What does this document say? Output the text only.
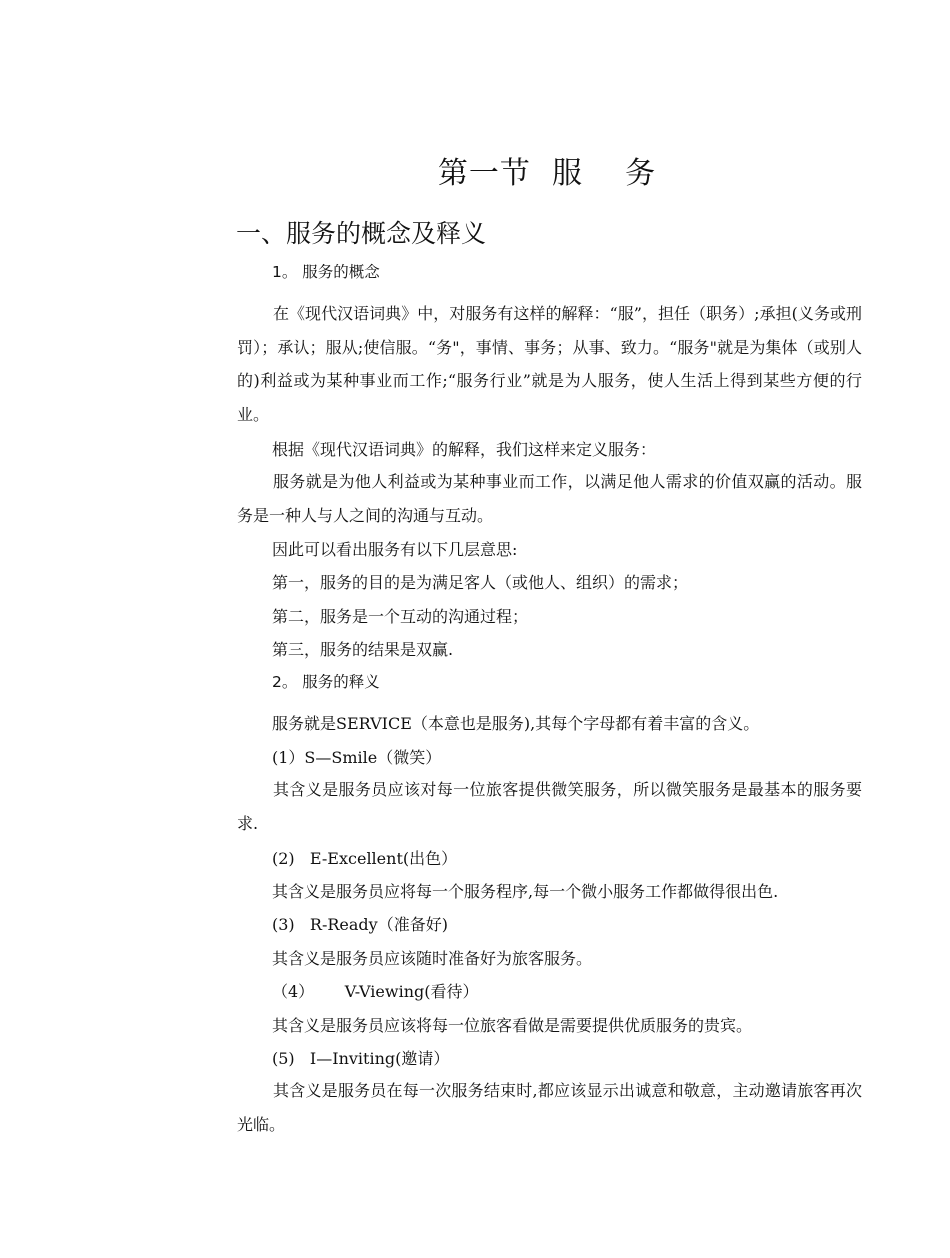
第一节  服    务
一、服务的概念及释义
1。 服务的概念

在《现代汉语词典》中，对服务有这样的解释：“服”，担任（职务）;承担(义务或刑罚）；承认；服从;使信服。“务"，事情、事务；从事、致力。“服务"就是为集体（或别人的)利益或为某种事业而工作;“服务行业”就是为人服务，使人生活上得到某些方便的行业。

根据《现代汉语词典》的解释，我们这样来定义服务：

服务就是为他人利益或为某种事业而工作，以满足他人需求的价值双赢的活动。服务是一种人与人之间的沟通与互动。

因此可以看出服务有以下几层意思:
第一，服务的目的是为满足客人（或他人、组织）的需求；
第二，服务是一个互动的沟通过程；
第三，服务的结果是双赢.
2。 服务的释义
服务就是SERVICE（本意也是服务),其每个字母都有着丰富的含义。
(1）S—Smile（微笑）

其含义是服务员应该对每一位旅客提供微笑服务，所以微笑服务是最基本的服务要求.

(2)   E-Excellent(出色）
其含义是服务员应将每一个服务程序,每一个微小服务工作都做得很出色.
(3)   R-Ready（准备好)
其含义是服务员应该随时准备好为旅客服务。
（4）      V-Viewing(看待）
其含义是服务员应该将每一位旅客看做是需要提供优质服务的贵宾。
(5)   I—Inviting(邀请）

其含义是服务员在每一次服务结束时,都应该显示出诚意和敬意，主动邀请旅客再次光临。
